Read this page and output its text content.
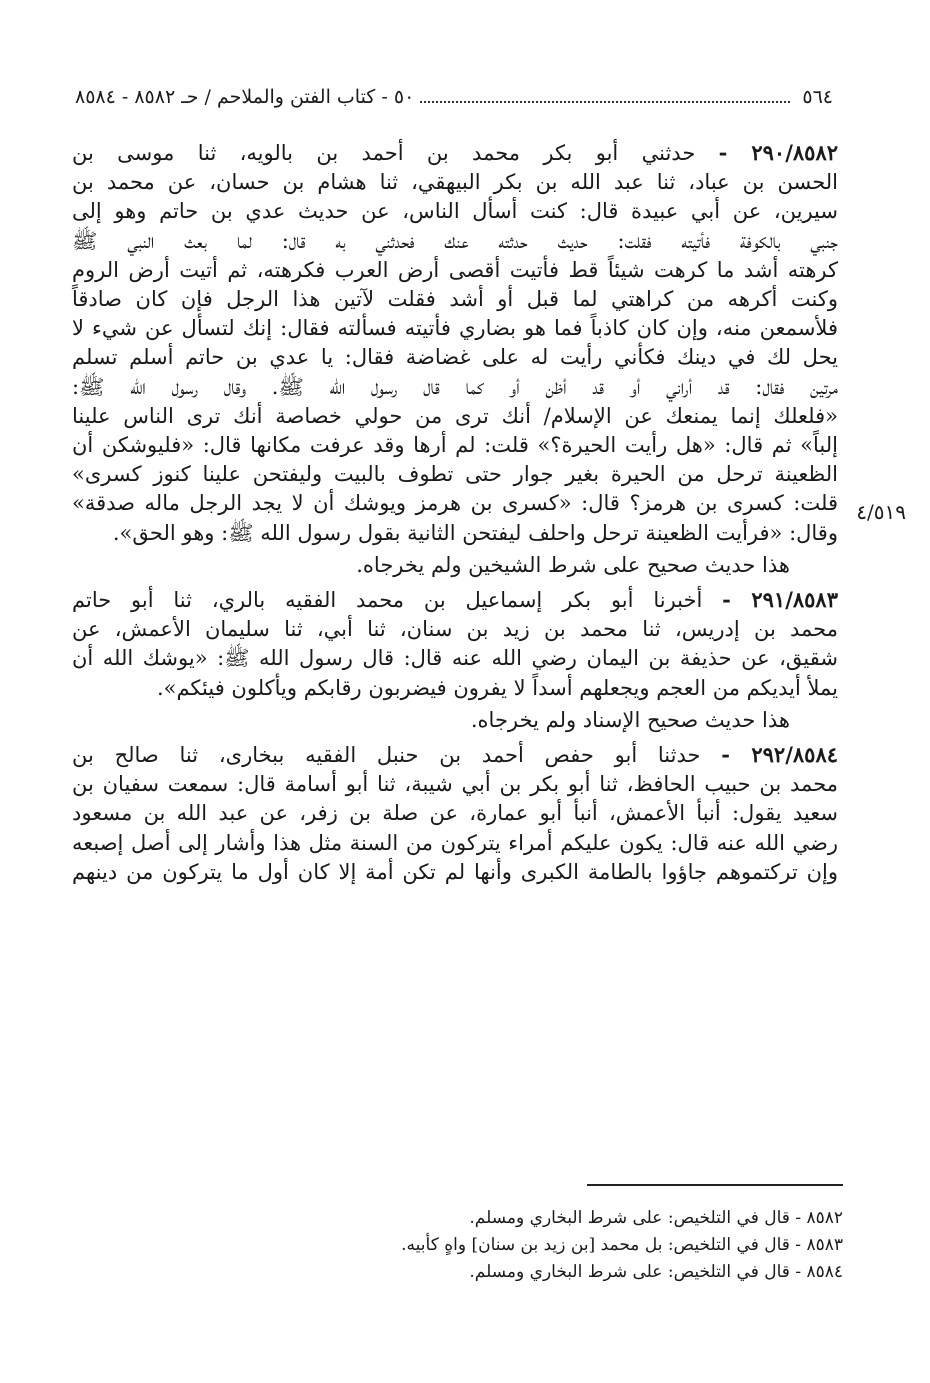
٥٦٤
٥٠ - كتاب الفتن والملاحم / حـ ٨٥٨٢ - ٨٥٨٤
٤/٥١٩

٢٩٠/٨٥٨٢ - حدثني أبو بكر محمد بن أحمد بن بالويه، ثنا موسى بن

الحسن بن عباد، ثنا عبد الله بن بكر البيهقي، ثنا هشام بن حسان، عن محمد بن

سيرين، عن أبي عبيدة قال: كنت أسأل الناس، عن حديث عدي بن حاتم وهو إلى

جنبي بالكوفة فأتيته فقلت: حديث حدثته عنك فحدثني به قال: لما بعث النبي ﷺ

كرهته أشد ما كرهت شيئاً قط فأتيت أقصى أرض العرب فكرهته، ثم أتيت أرض الروم

وكنت أكرهه من كراهتي لما قبل أو أشد فقلت لآتين هذا الرجل فإن كان صادقاً

فلأسمعن منه، وإن كان كاذباً فما هو بضاري فأتيته فسألته فقال: إنك لتسأل عن شيء لا

يحل لك في دينك فكأني رأيت له على غضاضة فقال: يا عدي بن حاتم أسلم تسلم

مرتين فقال: قد أراني أو قد أظن أو كما قال رسول الله ﷺ. وقال رسول الله ﷺ:

«فلعلك إنما يمنعك عن الإسلام/ أنك ترى من حولي خصاصة أنك ترى الناس علينا

إلباً» ثم قال: «هل رأيت الحيرة؟» قلت: لم أرها وقد عرفت مكانها قال: «فليوشكن أن

الظعينة ترحل من الحيرة بغير جوار حتى تطوف بالبيت وليفتحن علينا كنوز كسرى»

قلت: كسرى بن هرمز؟ قال: «كسرى بن هرمز ويوشك أن لا يجد الرجل ماله صدقة»

وقال: «فرأيت الظعينة ترحل واحلف ليفتحن الثانية بقول رسول الله ﷺ: وهو الحق».

هذا حديث صحيح على شرط الشيخين ولم يخرجاه.

٢٩١/٨٥٨٣ - أخبرنا أبو بكر إسماعيل بن محمد الفقيه بالري، ثنا أبو حاتم

محمد بن إدريس، ثنا محمد بن زيد بن سنان، ثنا أبي، ثنا سليمان الأعمش، عن

شقيق، عن حذيفة بن اليمان رضي الله عنه قال: قال رسول الله ﷺ: «يوشك الله أن

يملأ أيديكم من العجم ويجعلهم أسداً لا يفرون فيضربون رقابكم ويأكلون فيئكم».

هذا حديث صحيح الإسناد ولم يخرجاه.

٢٩٢/٨٥٨٤ - حدثنا أبو حفص أحمد بن حنبل الفقيه ببخارى، ثنا صالح بن

محمد بن حبيب الحافظ، ثنا أبو بكر بن أبي شيبة، ثنا أبو أسامة قال: سمعت سفيان بن

سعيد يقول: أنبأ الأعمش، أنبأ أبو عمارة، عن صلة بن زفر، عن عبد الله بن مسعود

رضي الله عنه قال: يكون عليكم أمراء يتركون من السنة مثل هذا وأشار إلى أصل إصبعه

وإن تركتموهم جاؤوا بالطامة الكبرى وأنها لم تكن أمة إلا كان أول ما يتركون من دينهم

٨٥٨٢ - قال في التلخيص: على شرط البخاري ومسلم.
٨٥٨٣ - قال في التلخيص: بل محمد [بن زيد بن سنان] واهٍ كأبيه.
٨٥٨٤ - قال في التلخيص: على شرط البخاري ومسلم.
